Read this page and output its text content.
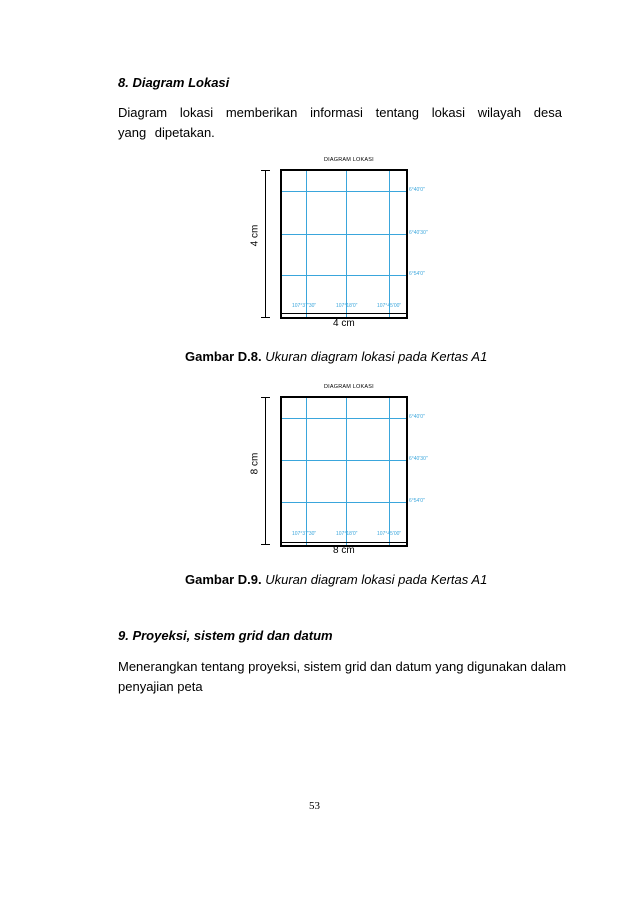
8. Diagram Lokasi
Diagram lokasi memberikan informasi tentang lokasi wilayah desa yang dipetakan.
DIAGRAM LOKASI
4 cm
6°40'0"
6°40'30"
6°54'0"
107°37'30"	107°18'0"	107°45'00"
4 cm
Gambar D.8. Ukuran diagram lokasi pada Kertas A1
DIAGRAM LOKASI
8 cm
6°40'0"
6°40'30"
6°54'0"
107°37'30"	107°18'0"	107°45'00"
8 cm
Gambar D.9. Ukuran diagram lokasi pada Kertas A1
9. Proyeksi, sistem grid dan datum
Menerangkan tentang proyeksi, sistem grid dan datum yang digunakan dalam penyajian peta
53
